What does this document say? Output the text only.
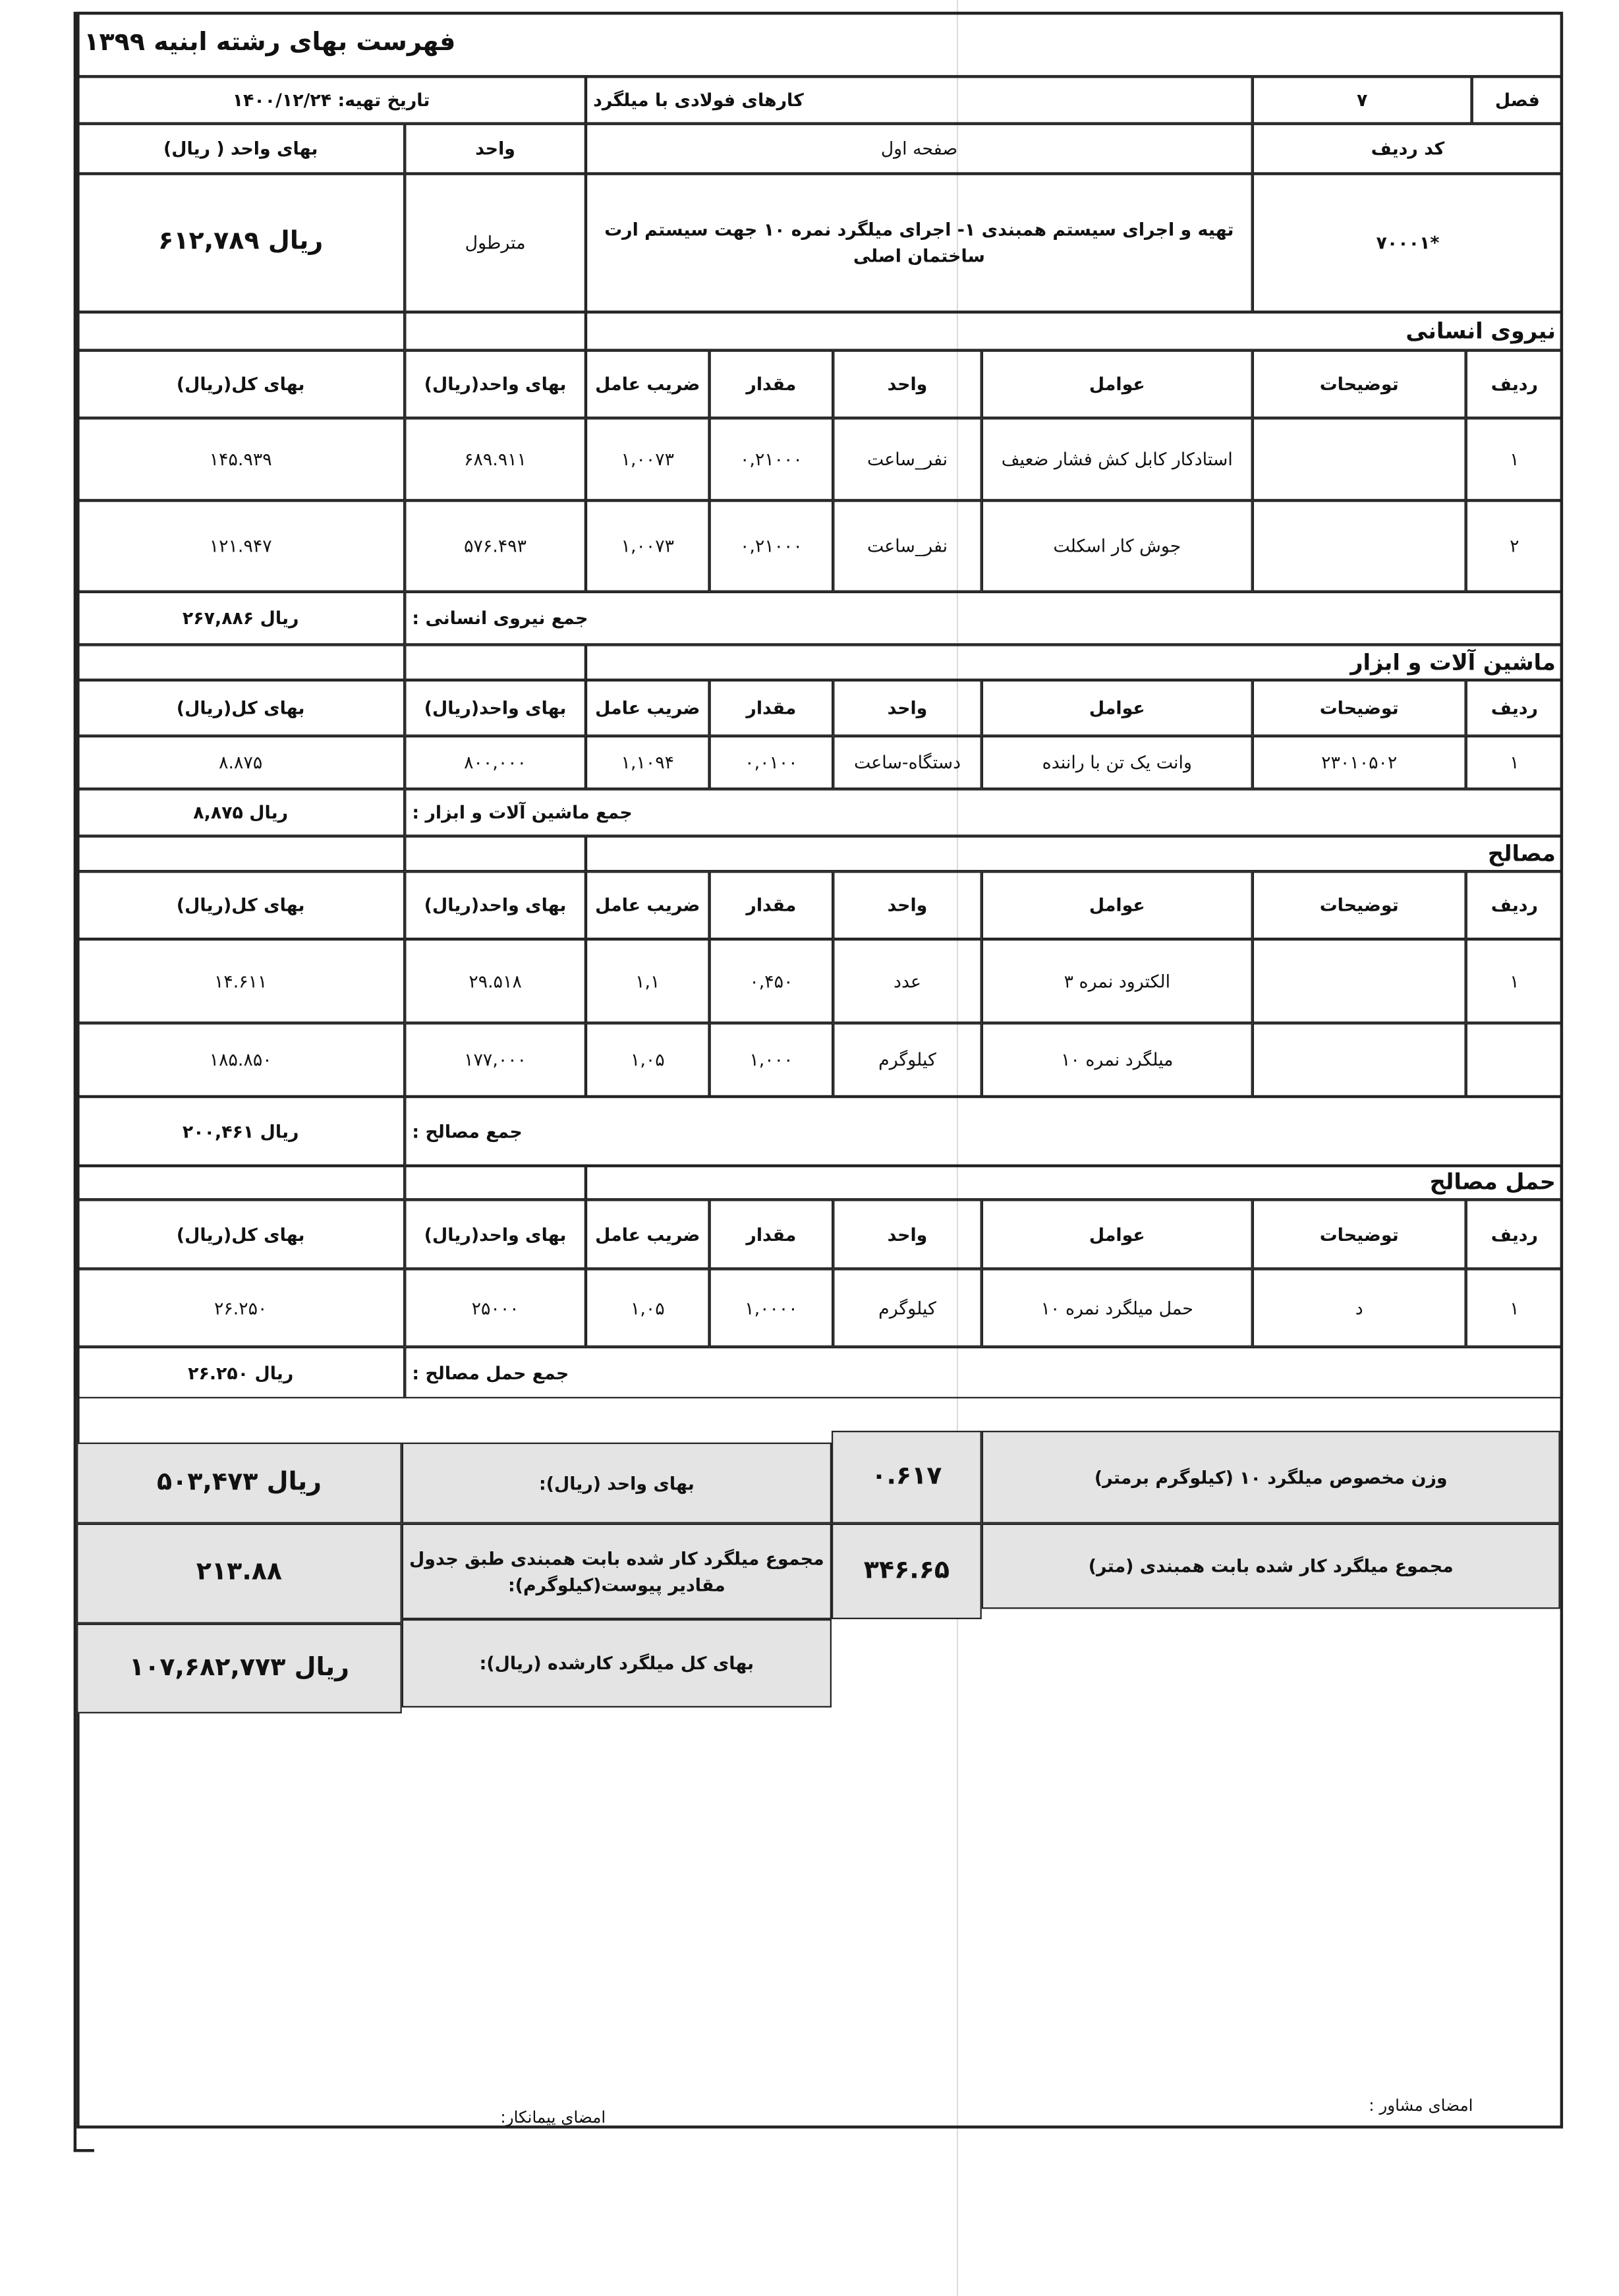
فهرست بهای رشته ابنیه ۱۳۹۹
فصل
۷
کارهای فولادی با میلگرد
تاریخ تهیه: ۱۴۰۰/۱۲/۲۴
کد ردیف
صفحه اول
واحد
بهای واحد ( ریال)
*۷۰۰۰۱
تهیه و اجرای سیستم همبندی ۱- اجرای میلگرد نمره ۱۰ جهت سیستم ارت ساختمان اصلی
مترطول
ریال ۶۱۲,۷۸۹
نیروی انسانی
ردیف
توضیحات
عوامل
واحد
مقدار
ضریب عامل
بهای واحد(ریال)
بهای کل(ریال)
۱
استادکار کابل کش فشار ضعیف
نفر_ساعت
۰,۲۱۰۰۰
۱,۰۰۷۳
۶۸۹.۹۱۱
۱۴۵.۹۳۹
۲
جوش کار اسکلت
نفر_ساعت
۰,۲۱۰۰۰
۱,۰۰۷۳
۵۷۶.۴۹۳
۱۲۱.۹۴۷
جمع نیروی انسانی :
ریال ۲۶۷,۸۸۶
ماشین آلات و ابزار
ردیف
توضیحات
عوامل
واحد
مقدار
ضریب عامل
بهای واحد(ریال)
بهای کل(ریال)
۱
۲۳۰۱۰۵۰۲
وانت یک تن با راننده
دستگاه-ساعت
۰,۰۱۰۰
۱,۱۰۹۴
۸۰۰,۰۰۰
۸.۸۷۵
جمع ماشین آلات و ابزار :
ریال ۸,۸۷۵
مصالح
ردیف
توضیحات
عوامل
واحد
مقدار
ضریب عامل
بهای واحد(ریال)
بهای کل(ریال)
۱
الکترود نمره ۳
عدد
۰,۴۵۰
۱,۱
۲۹.۵۱۸
۱۴.۶۱۱
میلگرد نمره ۱۰
کیلوگرم
۱,۰۰۰
۱,۰۵
۱۷۷,۰۰۰
۱۸۵.۸۵۰
جمع مصالح :
ریال ۲۰۰,۴۶۱
حمل مصالح
ردیف
توضیحات
عوامل
واحد
مقدار
ضریب عامل
بهای واحد(ریال)
بهای کل(ریال)
۱
د
حمل میلگرد نمره ۱۰
کیلوگرم
۱,۰۰۰۰
۱,۰۵
۲۵۰۰۰
۲۶.۲۵۰
جمع حمل مصالح :
ریال ۲۶.۲۵۰
وزن مخصوص میلگرد ۱۰ (کیلوگرم برمتر)
۰.۶۱۷
بهای واحد (ریال):
ریال ۵۰۳,۴۷۳
مجموع میلگرد کار شده بابت همبندی (متر)
۳۴۶.۶۵
مجموع میلگرد کار شده بابت همبندی طبق جدول مقادیر پیوست(کیلوگرم):
۲۱۳.۸۸
بهای کل میلگرد کارشده (ریال):
ریال ۱۰۷,۶۸۲,۷۷۳
امضای مشاور :
امضای پیمانکار:
